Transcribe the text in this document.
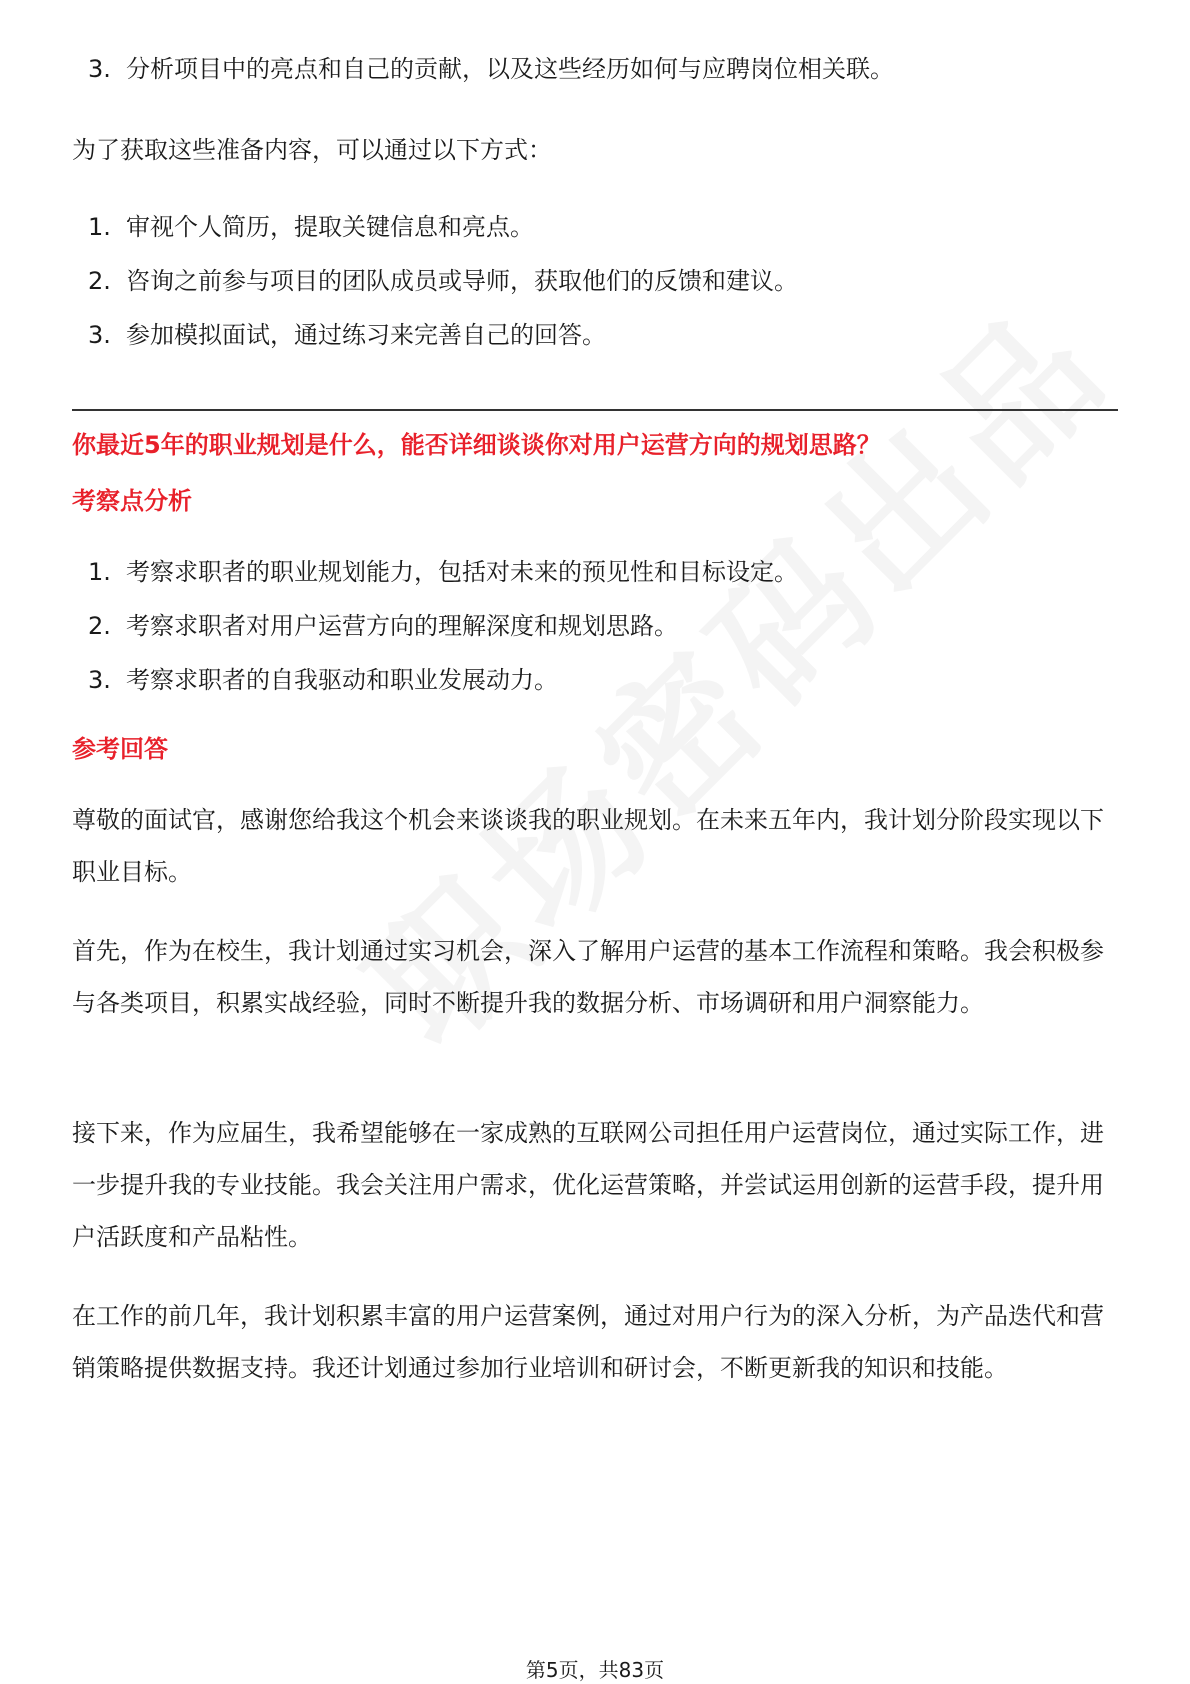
3. 分析项目中的亮点和自己的贡献，以及这些经历如何与应聘岗位相关联。

为了获取这些准备内容，可以通过以下方式：

1. 审视个人简历，提取关键信息和亮点。
2. 咨询之前参与项目的团队成员或导师，获取他们的反馈和建议。
3. 参加模拟面试，通过练习来完善自己的回答。

你最近5年的职业规划是什么，能否详细谈谈你对用户运营方向的规划思路？

考察点分析

1. 考察求职者的职业规划能力，包括对未来的预见性和目标设定。
2. 考察求职者对用户运营方向的理解深度和规划思路。
3. 考察求职者的自我驱动和职业发展动力。

参考回答

尊敬的面试官，感谢您给我这个机会来谈谈我的职业规划。在未来五年内，我计划分阶段实现以下职业目标。

首先，作为在校生，我计划通过实习机会，深入了解用户运营的基本工作流程和策略。我会积极参与各类项目，积累实战经验，同时不断提升我的数据分析、市场调研和用户洞察能力。

接下来，作为应届生，我希望能够在一家成熟的互联网公司担任用户运营岗位，通过实际工作，进一步提升我的专业技能。我会关注用户需求，优化运营策略，并尝试运用创新的运营手段，提升用户活跃度和产品粘性。

在工作的前几年，我计划积累丰富的用户运营案例，通过对用户行为的深入分析，为产品迭代和营销策略提供数据支持。我还计划通过参加行业培训和研讨会，不断更新我的知识和技能。

第5页，共83页
